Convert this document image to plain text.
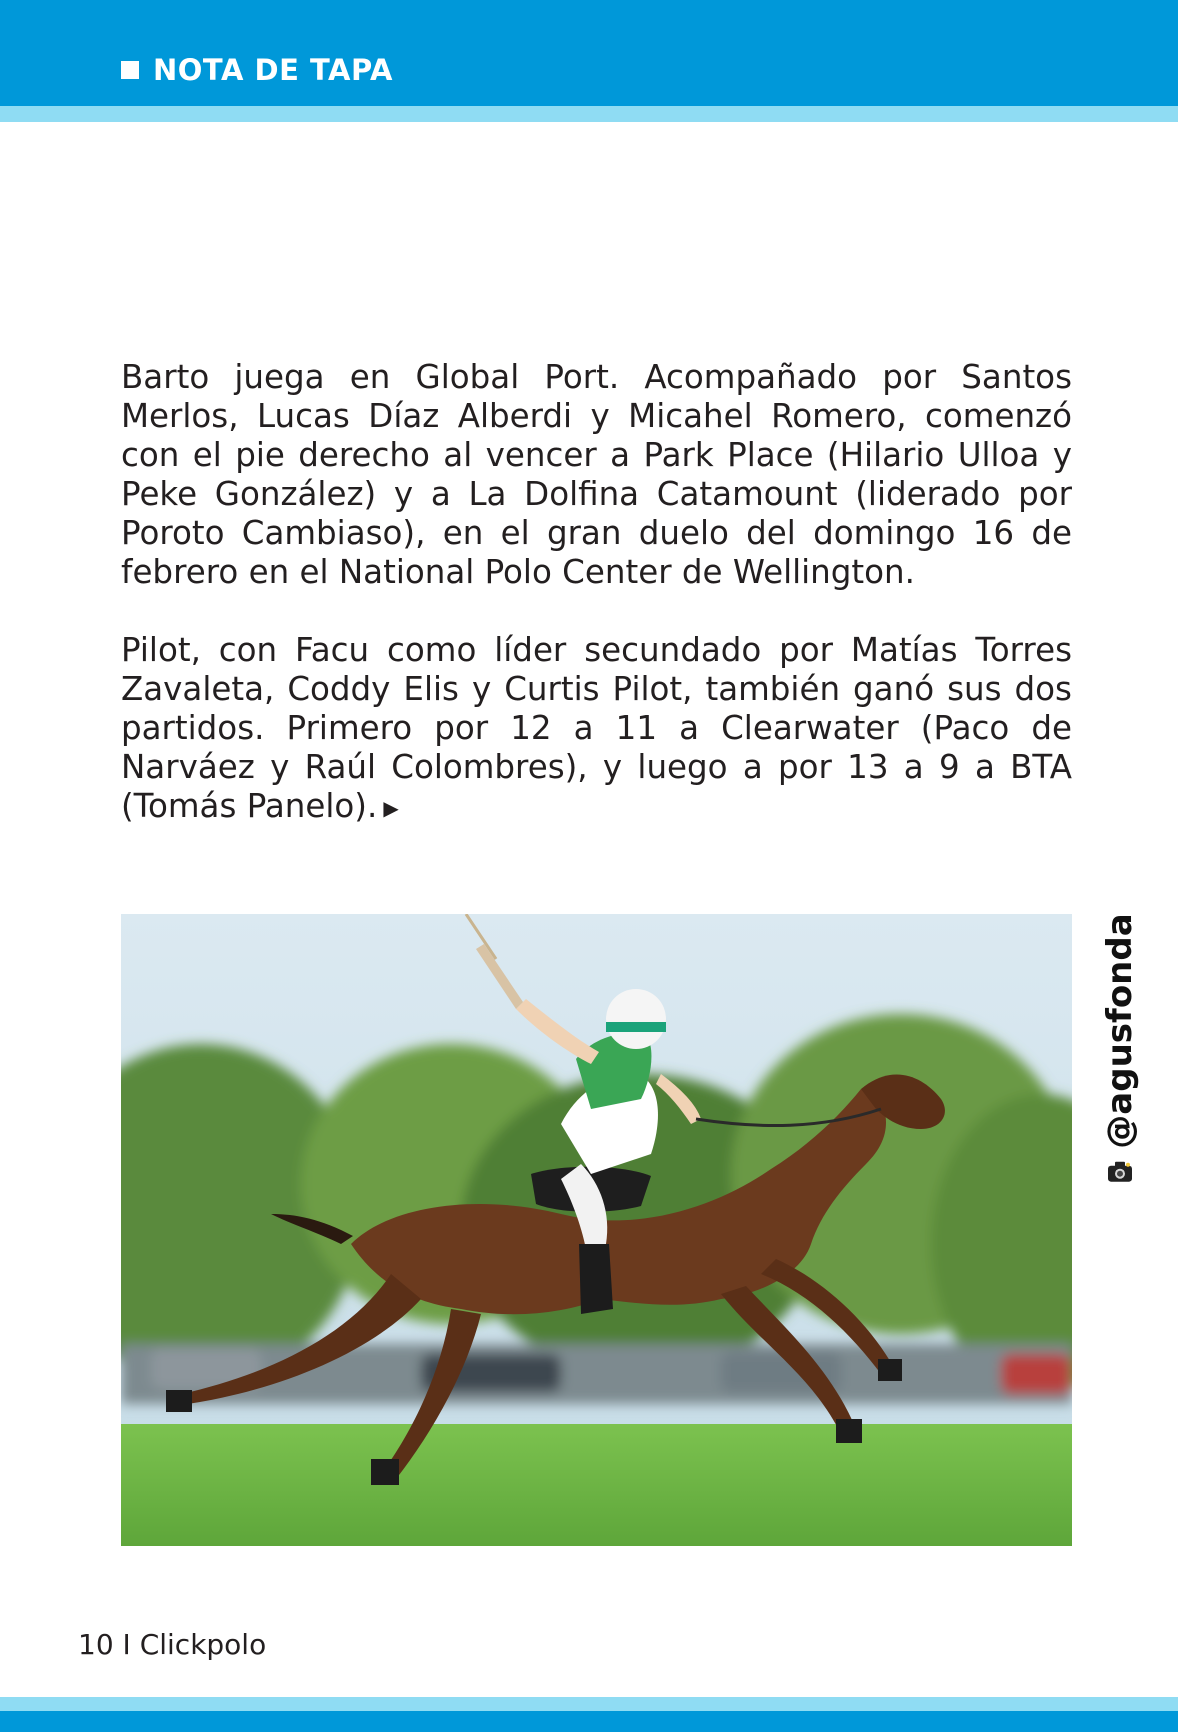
NOTA DE TAPA

Barto juega en Global Port. Acompañado por Santos Merlos, Lucas Díaz Alberdi y Micahel Romero, comenzó con el pie derecho al vencer a Park Place (Hilario Ulloa y Peke González) y a La Dolfina Catamount (liderado por Poroto Cambiaso), en el gran duelo del domingo 16 de febrero en el National Polo Center de Wellington.

Pilot, con Facu como líder secundado por Matías Torres Zavaleta, Coddy Elis y Curtis Pilot, también ganó sus dos partidos. Primero por 12 a 11 a Clearwater (Paco de Narváez y Raúl Colombres), y luego a por 13 a 9 a BTA (Tomás Panelo). ▶

@agusfonda
10 I Clickpolo
